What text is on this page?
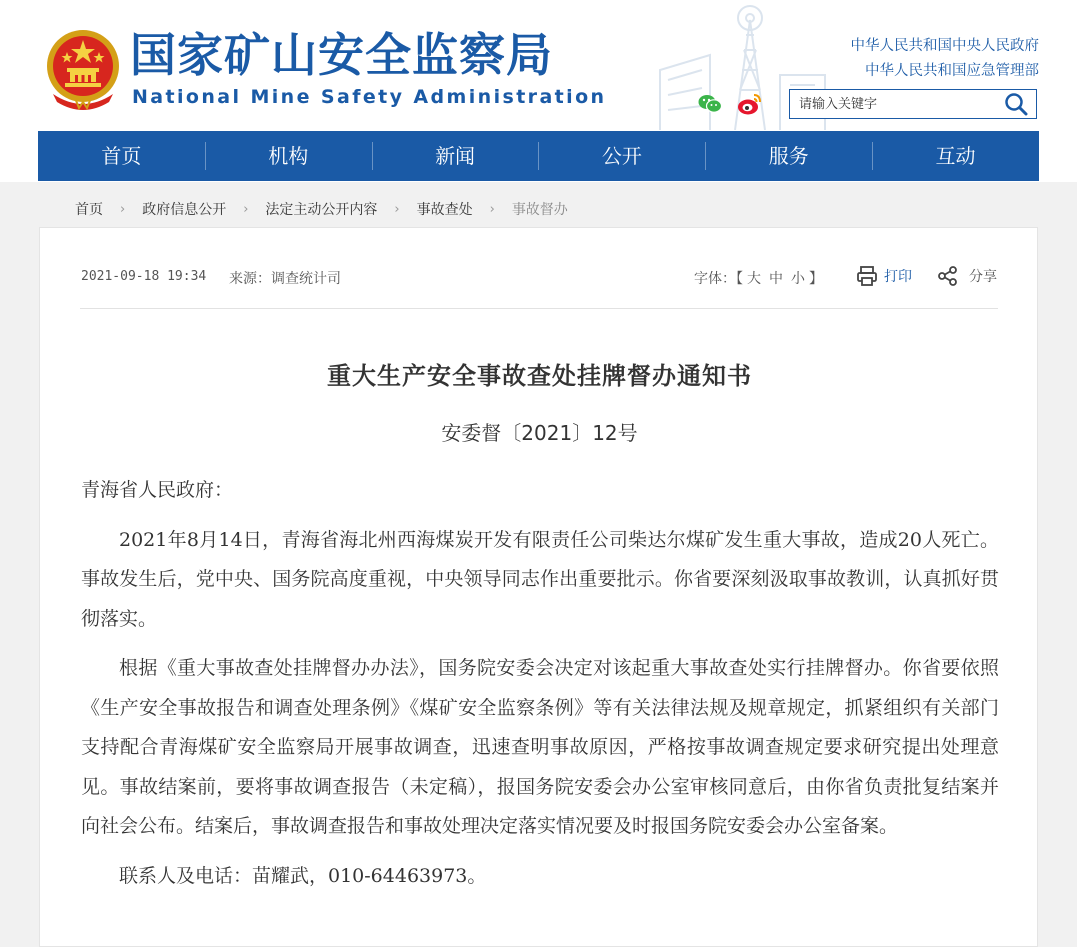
国家矿山安全监察局
National Mine Safety Administration
中华人民共和国中央人民政府
中华人民共和国应急管理部
请输入关键字
首页	机构	新闻	公开	服务	互动
首页 › 政府信息公开 › 法定主动公开内容 › 事故查处 › 事故督办
2021-09-18 19:34 来源：调查统计司	字体：【 大 中 小 】	打印	分享
重大生产安全事故查处挂牌督办通知书
安委督〔2021〕12号

青海省人民政府：

2021年8月14日，青海省海北州西海煤炭开发有限责任公司柴达尔煤矿发生重大事故，造成20人死亡。事故发生后，党中央、国务院高度重视，中央领导同志作出重要批示。你省要深刻汲取事故教训，认真抓好贯彻落实。

根据《重大事故查处挂牌督办办法》，国务院安委会决定对该起重大事故查处实行挂牌督办。你省要依照《生产安全事故报告和调查处理条例》《煤矿安全监察条例》等有关法律法规及规章规定，抓紧组织有关部门支持配合青海煤矿安全监察局开展事故调查，迅速查明事故原因，严格按事故调查规定要求研究提出处理意见。事故结案前，要将事故调查报告（未定稿），报国务院安委会办公室审核同意后，由你省负责批复结案并向社会公布。结案后，事故调查报告和事故处理决定落实情况要及时报国务院安委会办公室备案。

联系人及电话：苗耀武，010-64463973。
